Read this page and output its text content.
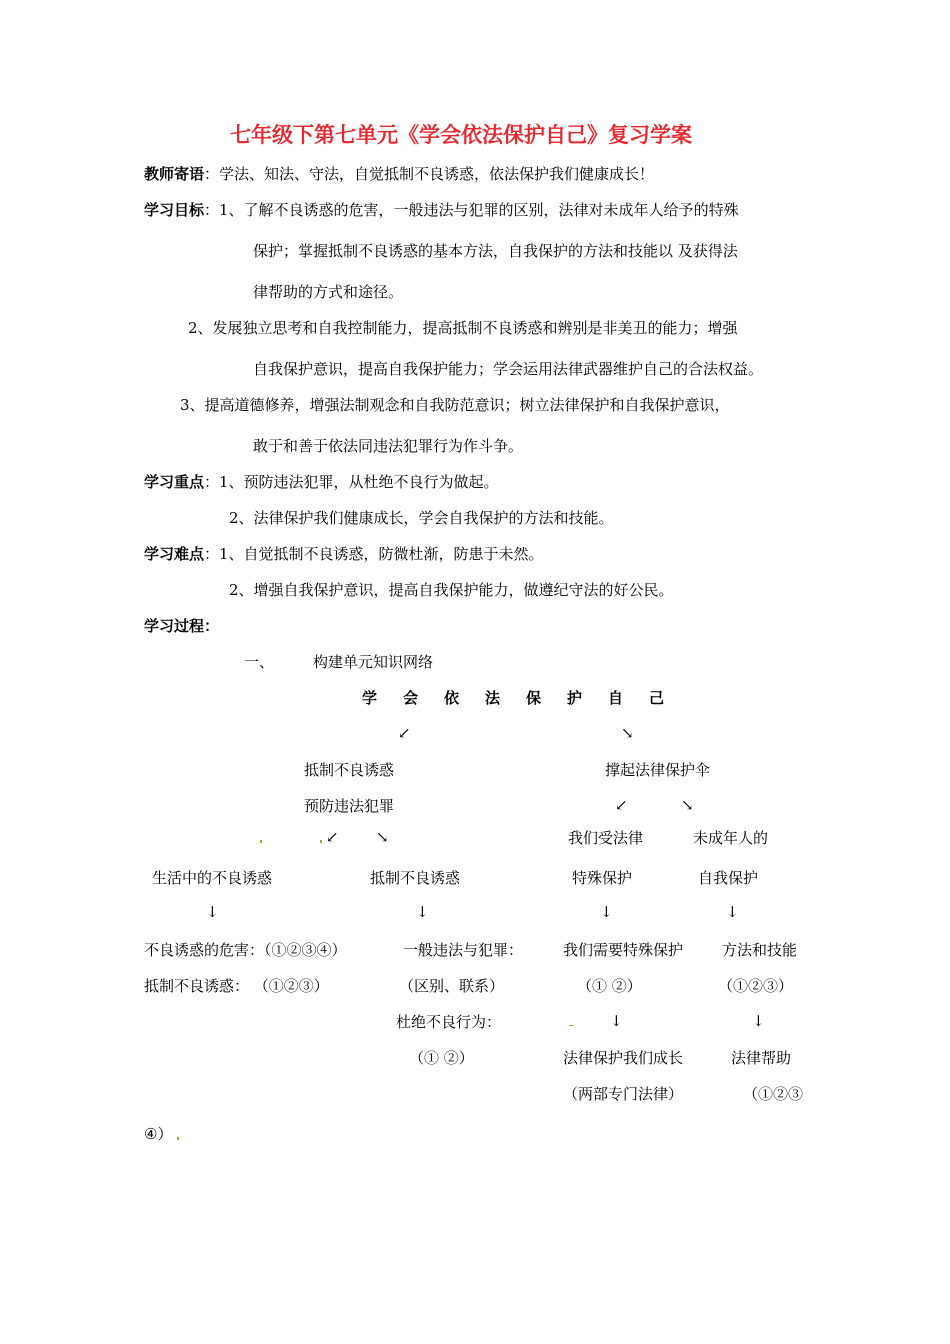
七年级下第七单元《学会依法保护自己》复习学案
教师寄语：学法、知法、守法，自觉抵制不良诱惑，依法保护我们健康成长！
学习目标：1、了解不良诱惑的危害，一般违法与犯罪的区别，法律对未成年人给予的特殊
保护；掌握抵制不良诱惑的基本方法，自我保护的方法和技能以 及获得法
律帮助的方式和途径。
2、发展独立思考和自我控制能力，提高抵制不良诱惑和辨别是非美丑的能力；增强
自我保护意识，提高自我保护能力；学会运用法律武器维护自己的合法权益。
3、提高道德修养，增强法制观念和自我防范意识；树立法律保护和自我保护意识，
敢于和善于依法同违法犯罪行为作斗争。
学习重点：1、预防违法犯罪，从杜绝不良行为做起。
2、法律保护我们健康成长，学会自我保护的方法和技能。
学习难点：1、自觉抵制不良诱惑，防微杜渐，防患于未然。
2、增强自我保护意识，提高自我保护能力，做遵纪守法的好公民。
学习过程：
一、	构建单元知识网络
学会依法保护自己
↙	↘
抵制不良诱惑
预防违法犯罪
撑起法律保护伞
↙	↘
↙ ↘	我们受法律	未成年人的
生活中的不良诱惑	抵制不良诱惑	特殊保护	自我保护
↓	↓	↓	↓
不良诱惑的危害：（①②③④）	一般违法与犯罪：	我们需要特殊保护	方法和技能
抵制不良诱惑： （①②③）	（区别、联系）	（① ②）	（①②③）
杜绝不良行为：	↓	↓
（① ②）	法律保护我们成长	法律帮助
（两部专门法律）	（①②③
④）
